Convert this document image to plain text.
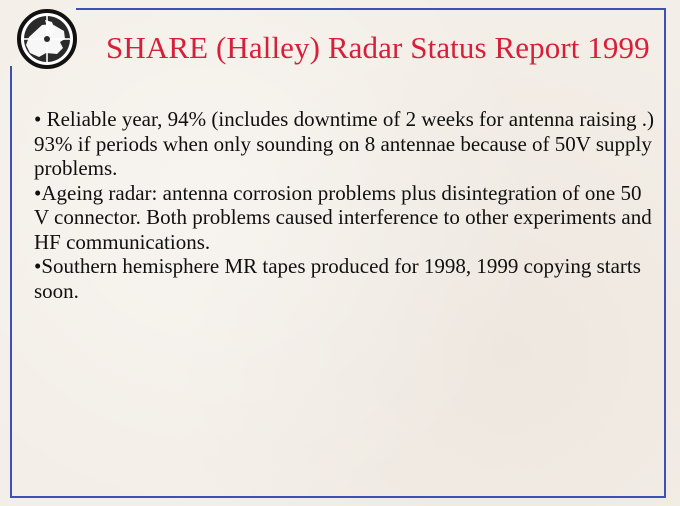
SHARE (Halley) Radar Status Report 1999

• Reliable year, 94% (includes downtime of 2 weeks for antenna raising .) 93% if periods when only sounding on 8 antennae because of 50V supply problems.

•Ageing radar: antenna corrosion problems plus disintegration of one 50 V connector. Both problems caused interference to other experiments and HF communications.

•Southern hemisphere MR tapes produced for 1998, 1999 copying starts soon.
